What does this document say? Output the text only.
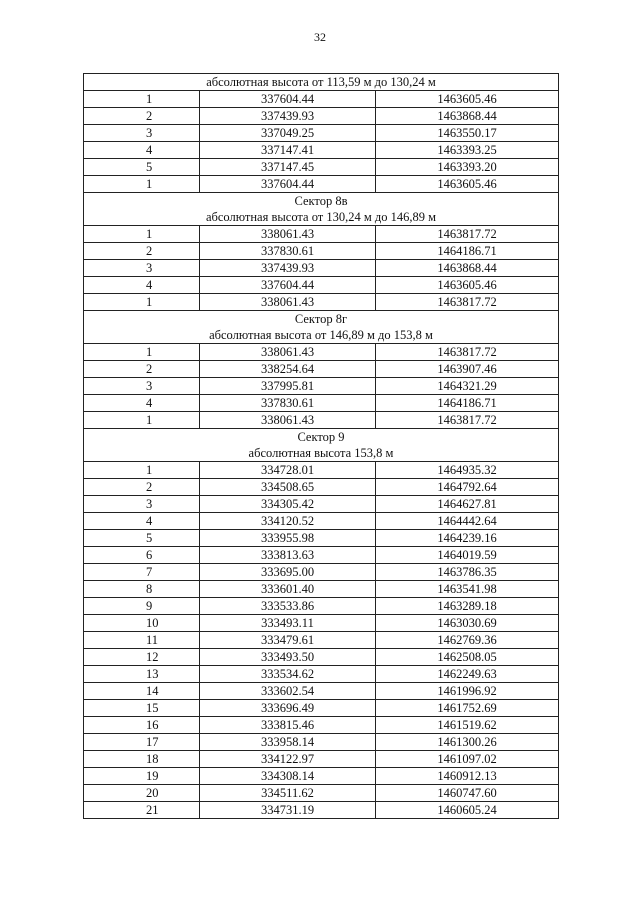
32
абсолютная высота от 113,59 м до 130,24 м		

1	337604.44	1463605.46
2	337439.93	1463868.44
3	337049.25	1463550.17
4	337147.41	1463393.25
5	337147.45	1463393.20
1	337604.44	1463605.46

Сектор 8в
абсолютная высота от 130,24 м до 146,89 м		

1	338061.43	1463817.72
2	337830.61	1464186.71
3	337439.93	1463868.44
4	337604.44	1463605.46
1	338061.43	1463817.72

Сектор 8г
абсолютная высота от 146,89 м до 153,8 м		

1	338061.43	1463817.72
2	338254.64	1463907.46
3	337995.81	1464321.29
4	337830.61	1464186.71
1	338061.43	1463817.72

Сектор 9
абсолютная высота 153,8 м		

1	334728.01	1464935.32
2	334508.65	1464792.64
3	334305.42	1464627.81
4	334120.52	1464442.64
5	333955.98	1464239.16
6	333813.63	1464019.59
7	333695.00	1463786.35
8	333601.40	1463541.98
9	333533.86	1463289.18
10	333493.11	1463030.69
11	333479.61	1462769.36
12	333493.50	1462508.05
13	333534.62	1462249.63
14	333602.54	1461996.92
15	333696.49	1461752.69
16	333815.46	1461519.62
17	333958.14	1461300.26
18	334122.97	1461097.02
19	334308.14	1460912.13
20	334511.62	1460747.60
21	334731.19	1460605.24
